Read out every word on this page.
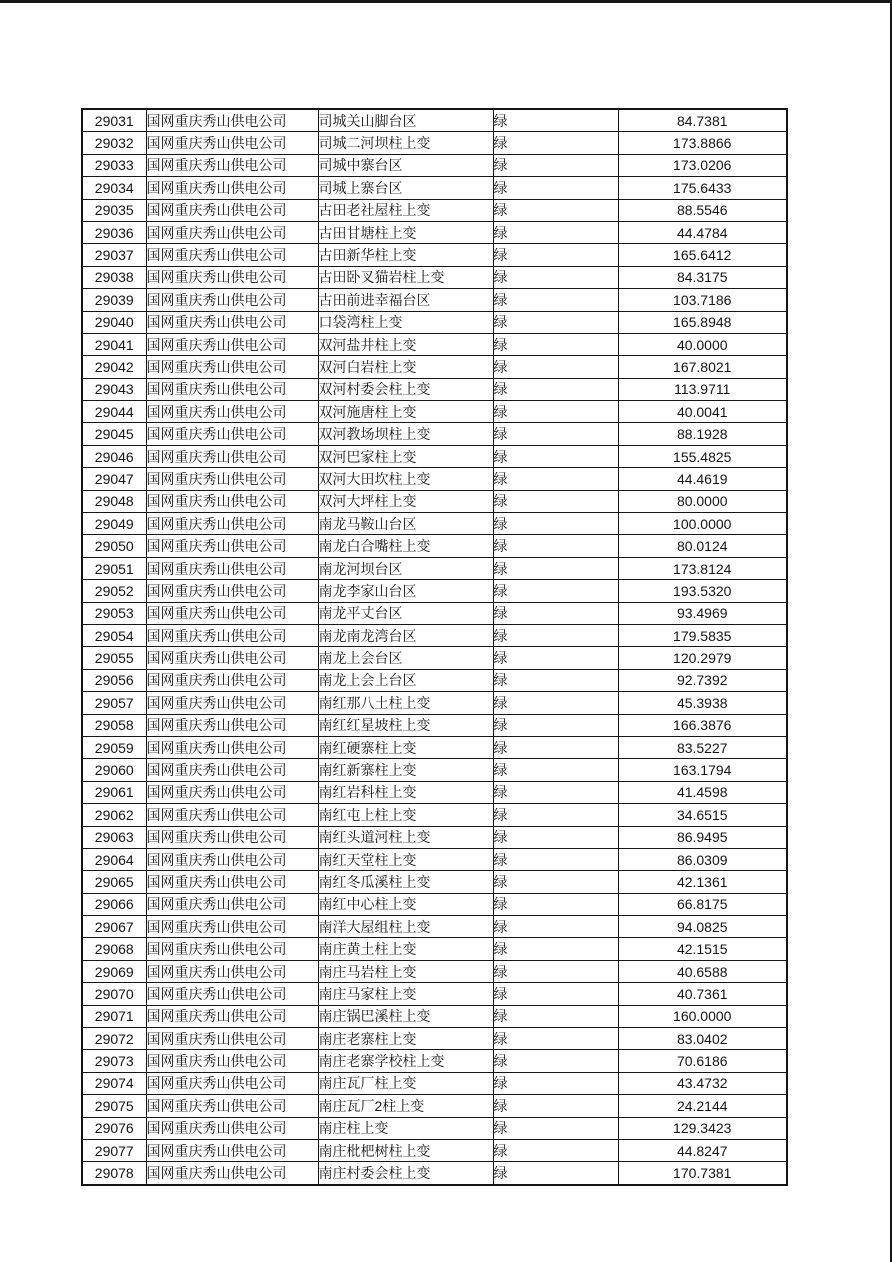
29031	国网重庆秀山供电公司	司城关山脚台区	绿	84.7381
29032	国网重庆秀山供电公司	司城二河坝柱上变	绿	173.8866
29033	国网重庆秀山供电公司	司城中寨台区	绿	173.0206
29034	国网重庆秀山供电公司	司城上寨台区	绿	175.6433
29035	国网重庆秀山供电公司	古田老社屋柱上变	绿	88.5546
29036	国网重庆秀山供电公司	古田甘塘柱上变	绿	44.4784
29037	国网重庆秀山供电公司	古田新华柱上变	绿	165.6412
29038	国网重庆秀山供电公司	古田卧叉猫岩柱上变	绿	84.3175
29039	国网重庆秀山供电公司	古田前进幸福台区	绿	103.7186
29040	国网重庆秀山供电公司	口袋湾柱上变	绿	165.8948
29041	国网重庆秀山供电公司	双河盐井柱上变	绿	40.0000
29042	国网重庆秀山供电公司	双河白岩柱上变	绿	167.8021
29043	国网重庆秀山供电公司	双河村委会柱上变	绿	113.9711
29044	国网重庆秀山供电公司	双河施唐柱上变	绿	40.0041
29045	国网重庆秀山供电公司	双河教场坝柱上变	绿	88.1928
29046	国网重庆秀山供电公司	双河巴家柱上变	绿	155.4825
29047	国网重庆秀山供电公司	双河大田坎柱上变	绿	44.4619
29048	国网重庆秀山供电公司	双河大坪柱上变	绿	80.0000
29049	国网重庆秀山供电公司	南龙马鞍山台区	绿	100.0000
29050	国网重庆秀山供电公司	南龙白合嘴柱上变	绿	80.0124
29051	国网重庆秀山供电公司	南龙河坝台区	绿	173.8124
29052	国网重庆秀山供电公司	南龙李家山台区	绿	193.5320
29053	国网重庆秀山供电公司	南龙平丈台区	绿	93.4969
29054	国网重庆秀山供电公司	南龙南龙湾台区	绿	179.5835
29055	国网重庆秀山供电公司	南龙上会台区	绿	120.2979
29056	国网重庆秀山供电公司	南龙上会上台区	绿	92.7392
29057	国网重庆秀山供电公司	南红那八土柱上变	绿	45.3938
29058	国网重庆秀山供电公司	南红红星坡柱上变	绿	166.3876
29059	国网重庆秀山供电公司	南红硬寨柱上变	绿	83.5227
29060	国网重庆秀山供电公司	南红新寨柱上变	绿	163.1794
29061	国网重庆秀山供电公司	南红岩科柱上变	绿	41.4598
29062	国网重庆秀山供电公司	南红屯上柱上变	绿	34.6515
29063	国网重庆秀山供电公司	南红头道河柱上变	绿	86.9495
29064	国网重庆秀山供电公司	南红天堂柱上变	绿	86.0309
29065	国网重庆秀山供电公司	南红冬瓜溪柱上变	绿	42.1361
29066	国网重庆秀山供电公司	南红中心柱上变	绿	66.8175
29067	国网重庆秀山供电公司	南洋大屋组柱上变	绿	94.0825
29068	国网重庆秀山供电公司	南庄黄土柱上变	绿	42.1515
29069	国网重庆秀山供电公司	南庄马岩柱上变	绿	40.6588
29070	国网重庆秀山供电公司	南庄马家柱上变	绿	40.7361
29071	国网重庆秀山供电公司	南庄锅巴溪柱上变	绿	160.0000
29072	国网重庆秀山供电公司	南庄老寨柱上变	绿	83.0402
29073	国网重庆秀山供电公司	南庄老寨学校柱上变	绿	70.6186
29074	国网重庆秀山供电公司	南庄瓦厂柱上变	绿	43.4732
29075	国网重庆秀山供电公司	南庄瓦厂2柱上变	绿	24.2144
29076	国网重庆秀山供电公司	南庄柱上变	绿	129.3423
29077	国网重庆秀山供电公司	南庄枇杷树柱上变	绿	44.8247
29078	国网重庆秀山供电公司	南庄村委会柱上变	绿	170.7381
